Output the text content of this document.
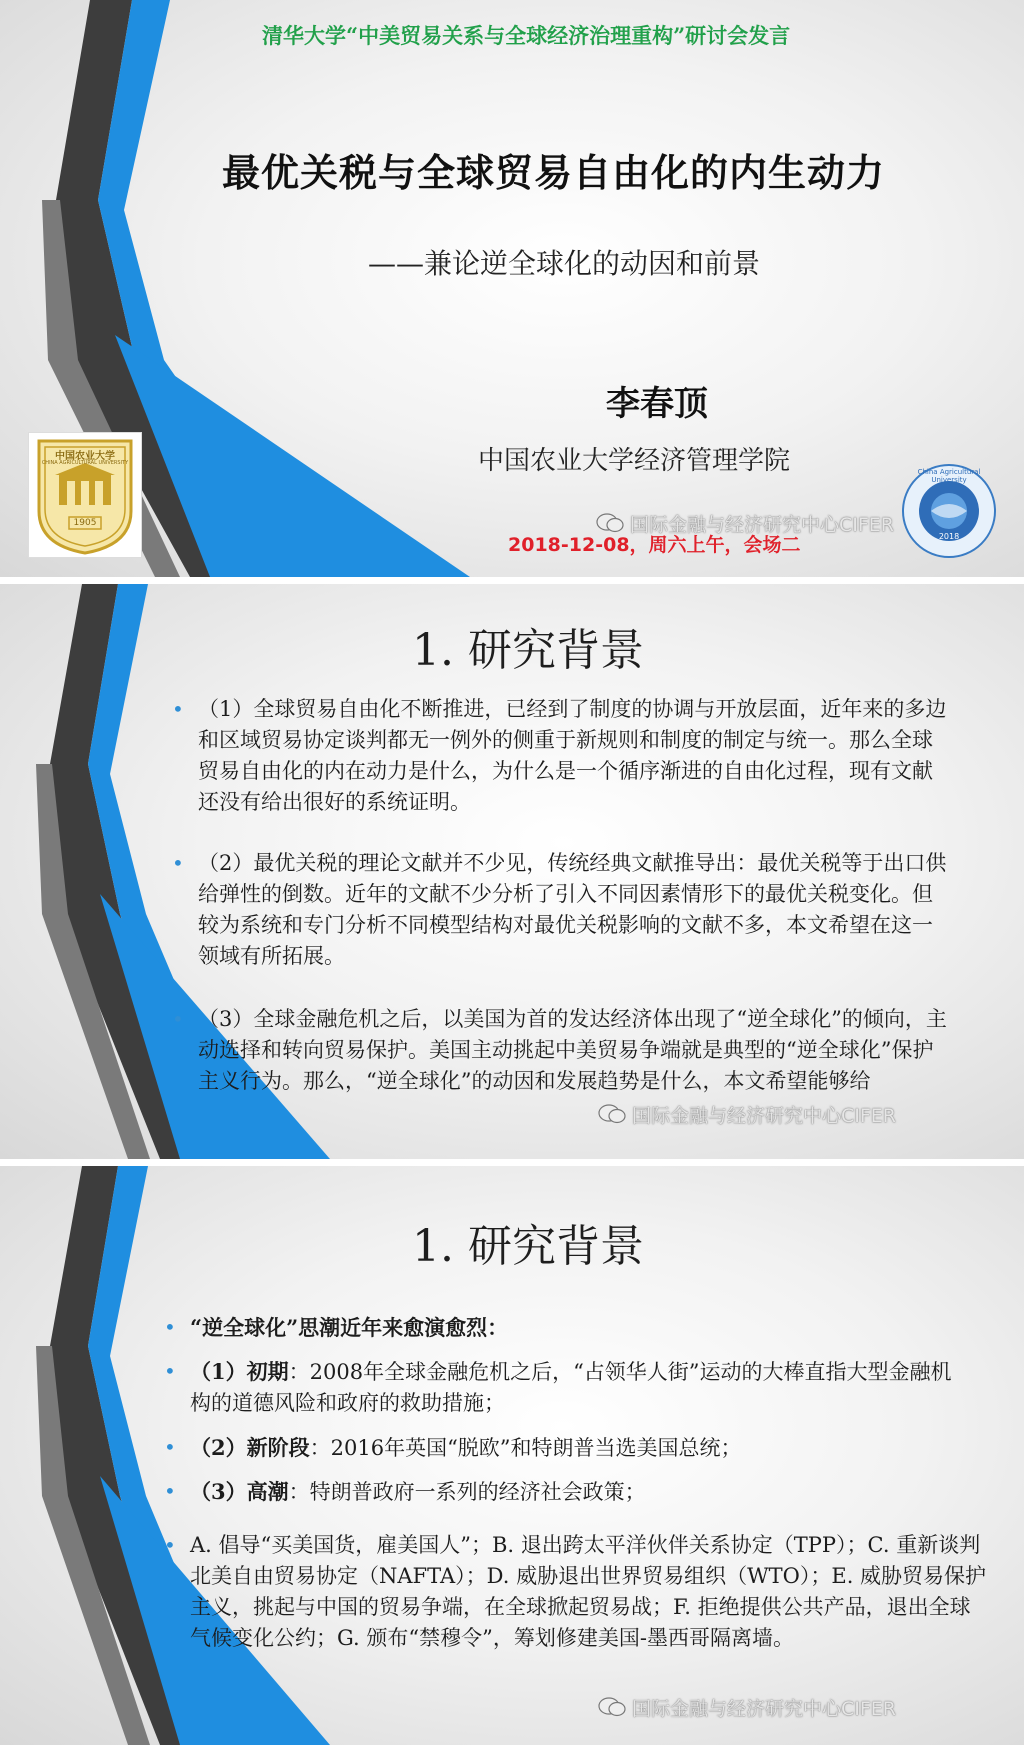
清华大学“中美贸易关系与全球经济治理重构”研讨会发言
最优关税与全球贸易自由化的内生动力
——兼论逆全球化的动因和前景
李春顶
中国农业大学经济管理学院
2018-12-08，周六上午，会场二
中国农业大学
CHINA AGRICULTURAL UNIVERSITY
1905
China Agricultural University
2018
国际金融与经济研究中心CIFER
1. 研究背景
• （1）全球贸易自由化不断推进，已经到了制度的协调与开放层面，近年来的多边和区域贸易协定谈判都无一例外的侧重于新规则和制度的制定与统一。那么全球贸易自由化的内在动力是什么，为什么是一个循序渐进的自由化过程，现有文献还没有给出很好的系统证明。
• （2）最优关税的理论文献并不少见，传统经典文献推导出：最优关税等于出口供给弹性的倒数。近年的文献不少分析了引入不同因素情形下的最优关税变化。但较为系统和专门分析不同模型结构对最优关税影响的文献不多，本文希望在这一领域有所拓展。
• （3）全球金融危机之后，以美国为首的发达经济体出现了“逆全球化”的倾向，主动选择和转向贸易保护。美国主动挑起中美贸易争端就是典型的“逆全球化”保护主义行为。那么，“逆全球化”的动因和发展趋势是什么，本文希望能够给
国际金融与经济研究中心CIFER
1. 研究背景
• “逆全球化”思潮近年来愈演愈烈：
• （1）初期：2008年全球金融危机之后，“占领华人街”运动的大棒直指大型金融机构的道德风险和政府的救助措施；
• （2）新阶段：2016年英国“脱欧”和特朗普当选美国总统；
• （3）高潮：特朗普政府一系列的经济社会政策；
• A. 倡导“买美国货，雇美国人”；B. 退出跨太平洋伙伴关系协定（TPP）；C. 重新谈判北美自由贸易协定（NAFTA）；D. 威胁退出世界贸易组织（WTO）；E. 威胁贸易保护主义，挑起与中国的贸易争端，在全球掀起贸易战；F. 拒绝提供公共产品，退出全球气候变化公约；G. 颁布“禁穆令”，筹划修建美国-墨西哥隔离墙。
国际金融与经济研究中心CIFER
